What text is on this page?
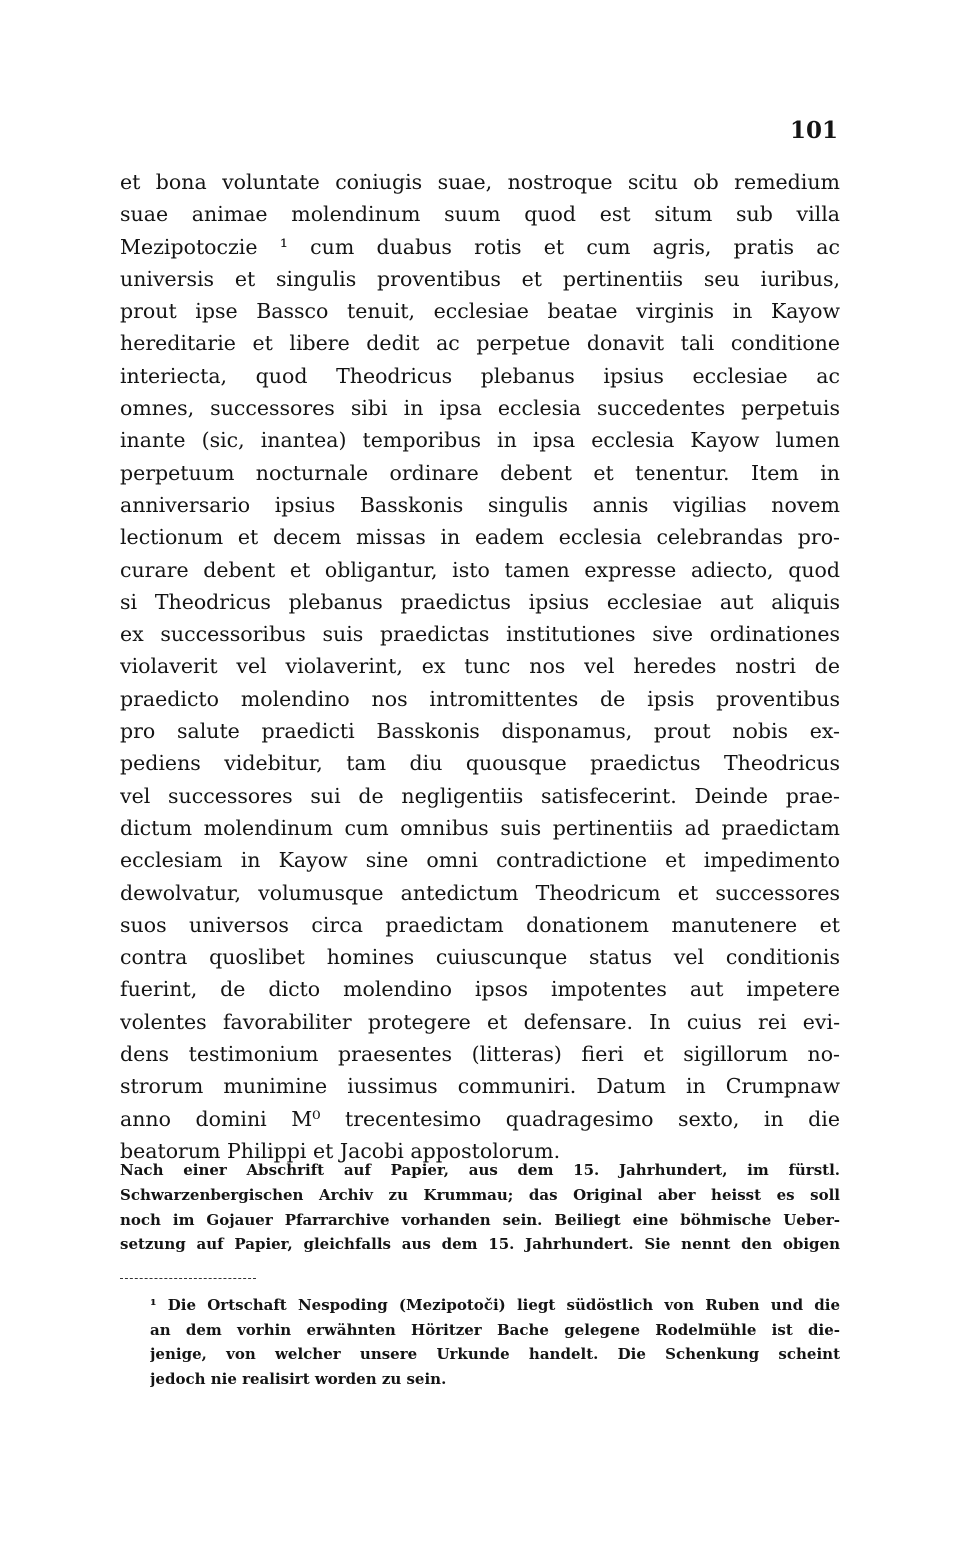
101
et bona voluntate coniugis suae, nostroque scitu ob remedium
suae animae molendinum suum quod est situm sub villa
Mezipotoczie ¹ cum duabus rotis et cum agris, pratis ac
universis et singulis proventibus et pertinentiis seu iuribus,
prout ipse Bassco tenuit, ecclesiae beatae virginis in Kayow
hereditarie et libere dedit ac perpetue donavit tali conditione
interiecta, quod Theodricus plebanus ipsius ecclesiae ac
omnes, successores sibi in ipsa ecclesia succedentes perpetuis
inante (sic, inantea) temporibus in ipsa ecclesia Kayow lumen
perpetuum nocturnale ordinare debent et tenentur. Item in
anniversario ipsius Basskonis singulis annis vigilias novem
lectionum et decem missas in eadem ecclesia celebrandas pro-
curare debent et obligantur, isto tamen expresse adiecto, quod
si Theodricus plebanus praedictus ipsius ecclesiae aut aliquis
ex successoribus suis praedictas institutiones sive ordinationes
violaverit vel violaverint, ex tunc nos vel heredes nostri de
praedicto molendino nos intromittentes de ipsis proventibus
pro salute praedicti Basskonis disponamus, prout nobis ex-
pediens videbitur, tam diu quousque praedictus Theodricus
vel successores sui de negligentiis satisfecerint. Deinde prae-
dictum molendinum cum omnibus suis pertinentiis ad praedictam
ecclesiam in Kayow sine omni contradictione et impedimento
dewolvatur, volumusque antedictum Theodricum et successores
suos universos circa praedictam donationem manutenere et
contra quoslibet homines cuiuscunque status vel conditionis
fuerint, de dicto molendino ipsos impotentes aut impetere
volentes favorabiliter protegere et defensare. In cuius rei evi-
dens testimonium praesentes (litteras) fieri et sigillorum no-
strorum munimine iussimus communiri. Datum in Crumpnaw
anno domini M⁰ trecentesimo quadragesimo sexto, in die
beatorum Philippi et Jacobi appostolorum.
Nach einer Abschrift auf Papier, aus dem 15. Jahrhundert, im fürstl.
Schwarzenbergischen Archiv zu Krummau; das Original aber heisst es soll
noch im Gojauer Pfarrarchive vorhanden sein. Beiliegt eine böhmische Ueber-
setzung auf Papier, gleichfalls aus dem 15. Jahrhundert. Sie nennt den obigen
¹ Die Ortschaft Nespoding (Mezipotoči) liegt südöstlich von Ruben und die
an dem vorhin erwähnten Höritzer Bache gelegene Rodelmühle ist die-
jenige, von welcher unsere Urkunde handelt. Die Schenkung scheint
jedoch nie realisirt worden zu sein.
